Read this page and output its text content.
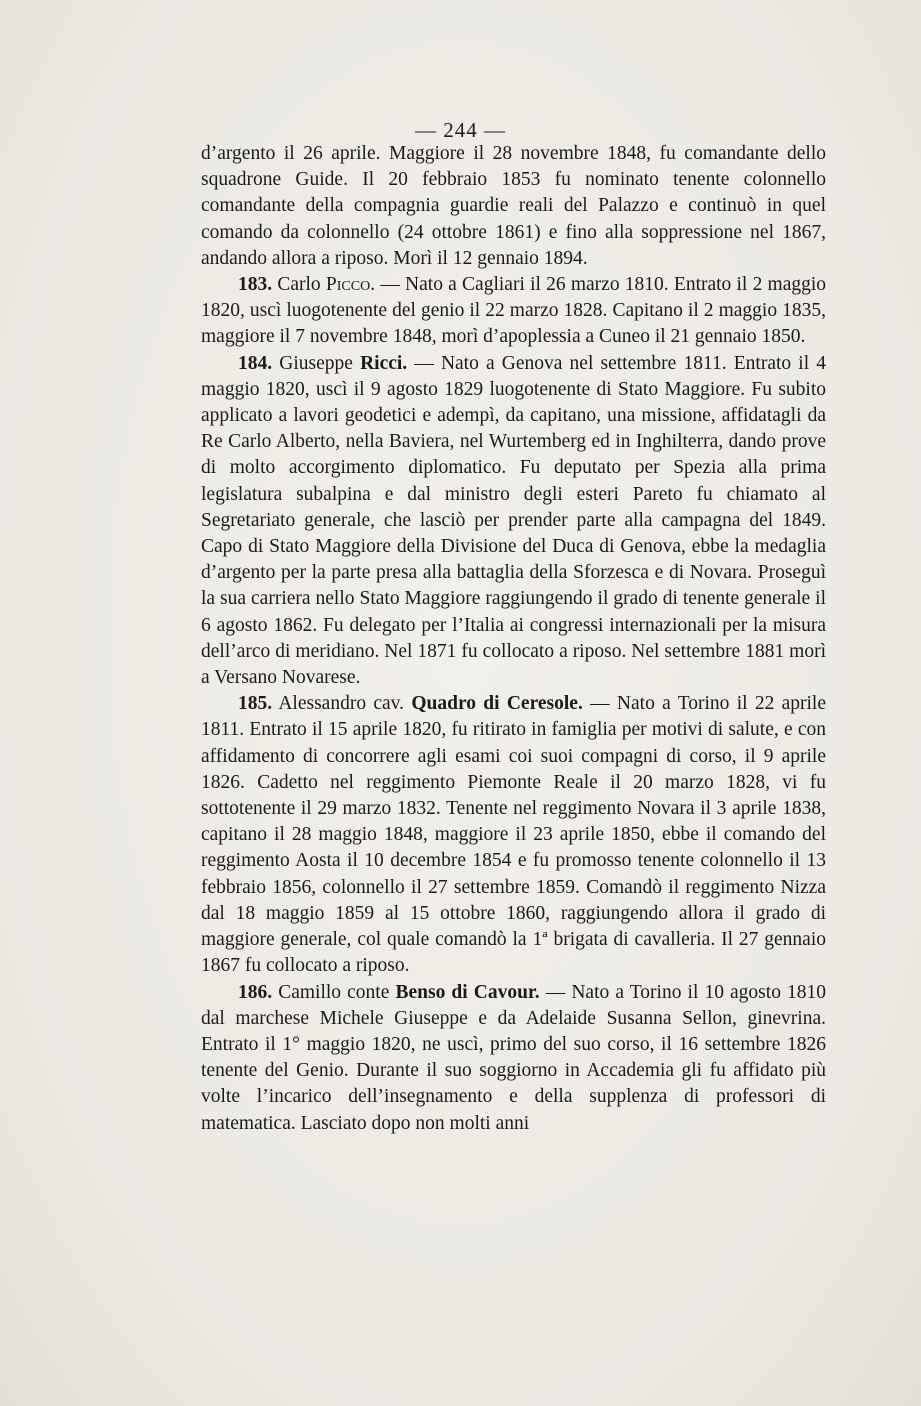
— 244 —

d’argento il 26 aprile. Maggiore il 28 novembre 1848, fu comandante dello squadrone Guide. Il 20 febbraio 1853 fu nominato tenente colonnello comandante della compagnia guardie reali del Palazzo e continuò in quel comando da colonnello (24 ottobre 1861) e fino alla soppressione nel 1867, andando allora a riposo. Morì il 12 gennaio 1894.

183. Carlo Picco. — Nato a Cagliari il 26 marzo 1810. Entrato il 2 maggio 1820, uscì luogotenente del genio il 22 marzo 1828. Capitano il 2 maggio 1835, maggiore il 7 novembre 1848, morì d’apoplessia a Cuneo il 21 gennaio 1850.

184. Giuseppe Ricci. — Nato a Genova nel settembre 1811. Entrato il 4 maggio 1820, uscì il 9 agosto 1829 luogotenente di Stato Maggiore. Fu subito applicato a lavori geodetici e adempì, da capitano, una missione, affidatagli da Re Carlo Alberto, nella Baviera, nel Wurtemberg ed in Inghilterra, dando prove di molto accorgimento diplomatico. Fu deputato per Spezia alla prima legislatura subalpina e dal ministro degli esteri Pareto fu chiamato al Segretariato generale, che lasciò per prender parte alla campagna del 1849. Capo di Stato Maggiore della Divisione del Duca di Genova, ebbe la medaglia d’argento per la parte presa alla battaglia della Sforzesca e di Novara. Proseguì la sua carriera nello Stato Maggiore raggiungendo il grado di tenente generale il 6 agosto 1862. Fu delegato per l’Italia ai congressi internazionali per la misura dell’arco di meridiano. Nel 1871 fu collocato a riposo. Nel settembre 1881 morì a Versano Novarese.

185. Alessandro cav. Quadro di Ceresole. — Nato a Torino il 22 aprile 1811. Entrato il 15 aprile 1820, fu ritirato in famiglia per motivi di salute, e con affidamento di concorrere agli esami coi suoi compagni di corso, il 9 aprile 1826. Cadetto nel reggimento Piemonte Reale il 20 marzo 1828, vi fu sottotenente il 29 marzo 1832. Tenente nel reggimento Novara il 3 aprile 1838, capitano il 28 maggio 1848, maggiore il 23 aprile 1850, ebbe il comando del reggimento Aosta il 10 decembre 1854 e fu promosso tenente colonnello il 13 febbraio 1856, colonnello il 27 settembre 1859. Comandò il reggimento Nizza dal 18 maggio 1859 al 15 ottobre 1860, raggiungendo allora il grado di maggiore generale, col quale comandò la 1ª brigata di cavalleria. Il 27 gennaio 1867 fu collocato a riposo.

186. Camillo conte Benso di Cavour. — Nato a Torino il 10 agosto 1810 dal marchese Michele Giuseppe e da Adelaide Susanna Sellon, ginevrina. Entrato il 1° maggio 1820, ne uscì, primo del suo corso, il 16 settembre 1826 tenente del Genio. Durante il suo soggiorno in Accademia gli fu affidato più volte l’incarico dell’insegnamento e della supplenza di professori di matematica. Lasciato dopo non molti anni
